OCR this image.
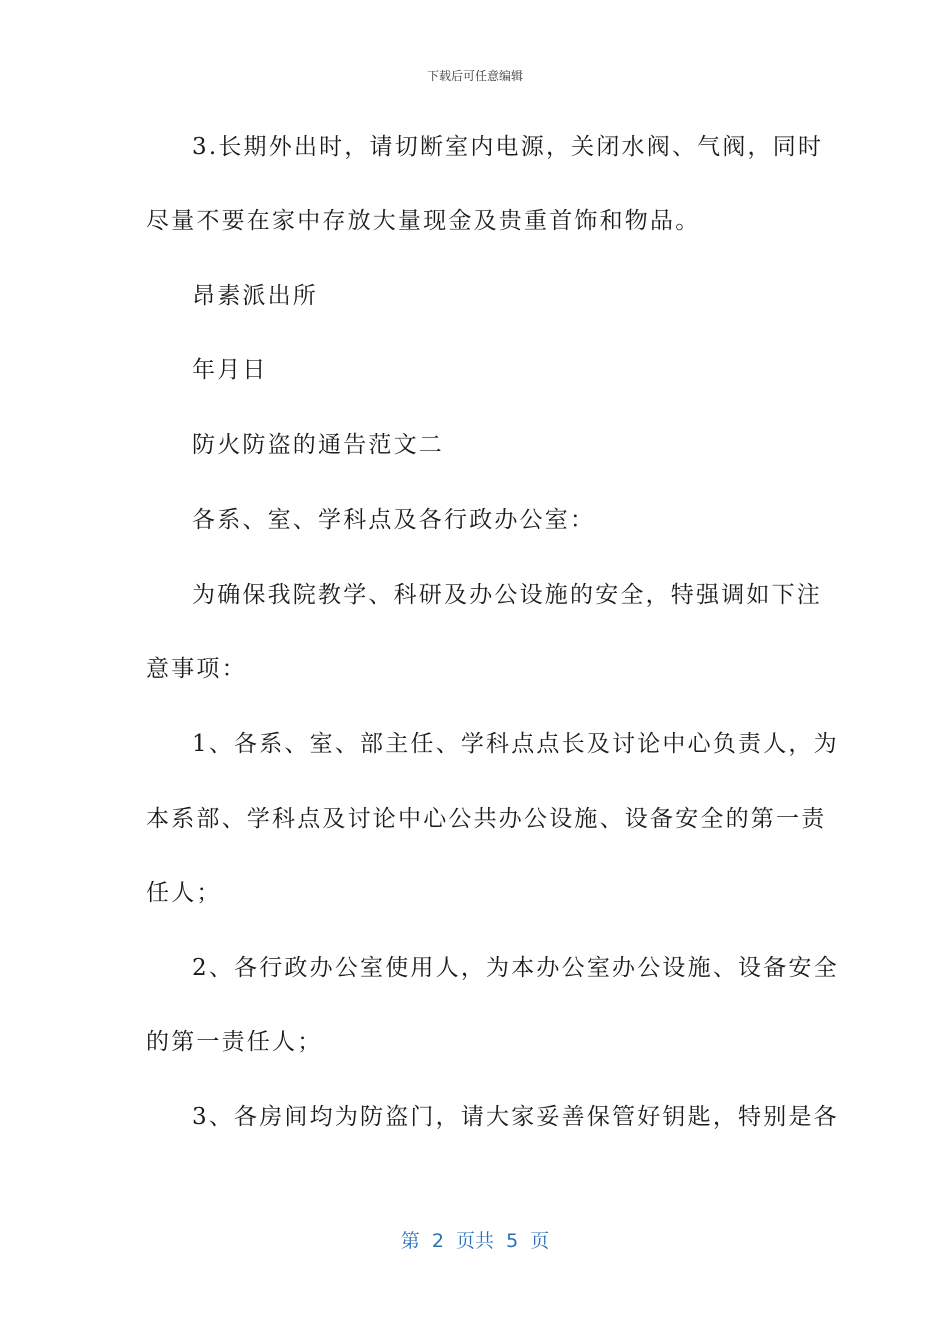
下载后可任意编辑
3.长期外出时，请切断室内电源，关闭水阀、气阀，同时
尽量不要在家中存放大量现金及贵重首饰和物品。
昂素派出所
年月日
防火防盗的通告范文二
各系、室、学科点及各行政办公室：
为确保我院教学、科研及办公设施的安全，特强调如下注
意事项：
1、各系、室、部主任、学科点点长及讨论中心负责人，为
本系部、学科点及讨论中心公共办公设施、设备安全的第一责
任人；
2、各行政办公室使用人，为本办公室办公设施、设备安全
的第一责任人；
3、各房间均为防盗门，请大家妥善保管好钥匙，特别是各
第  2  页共  5  页
